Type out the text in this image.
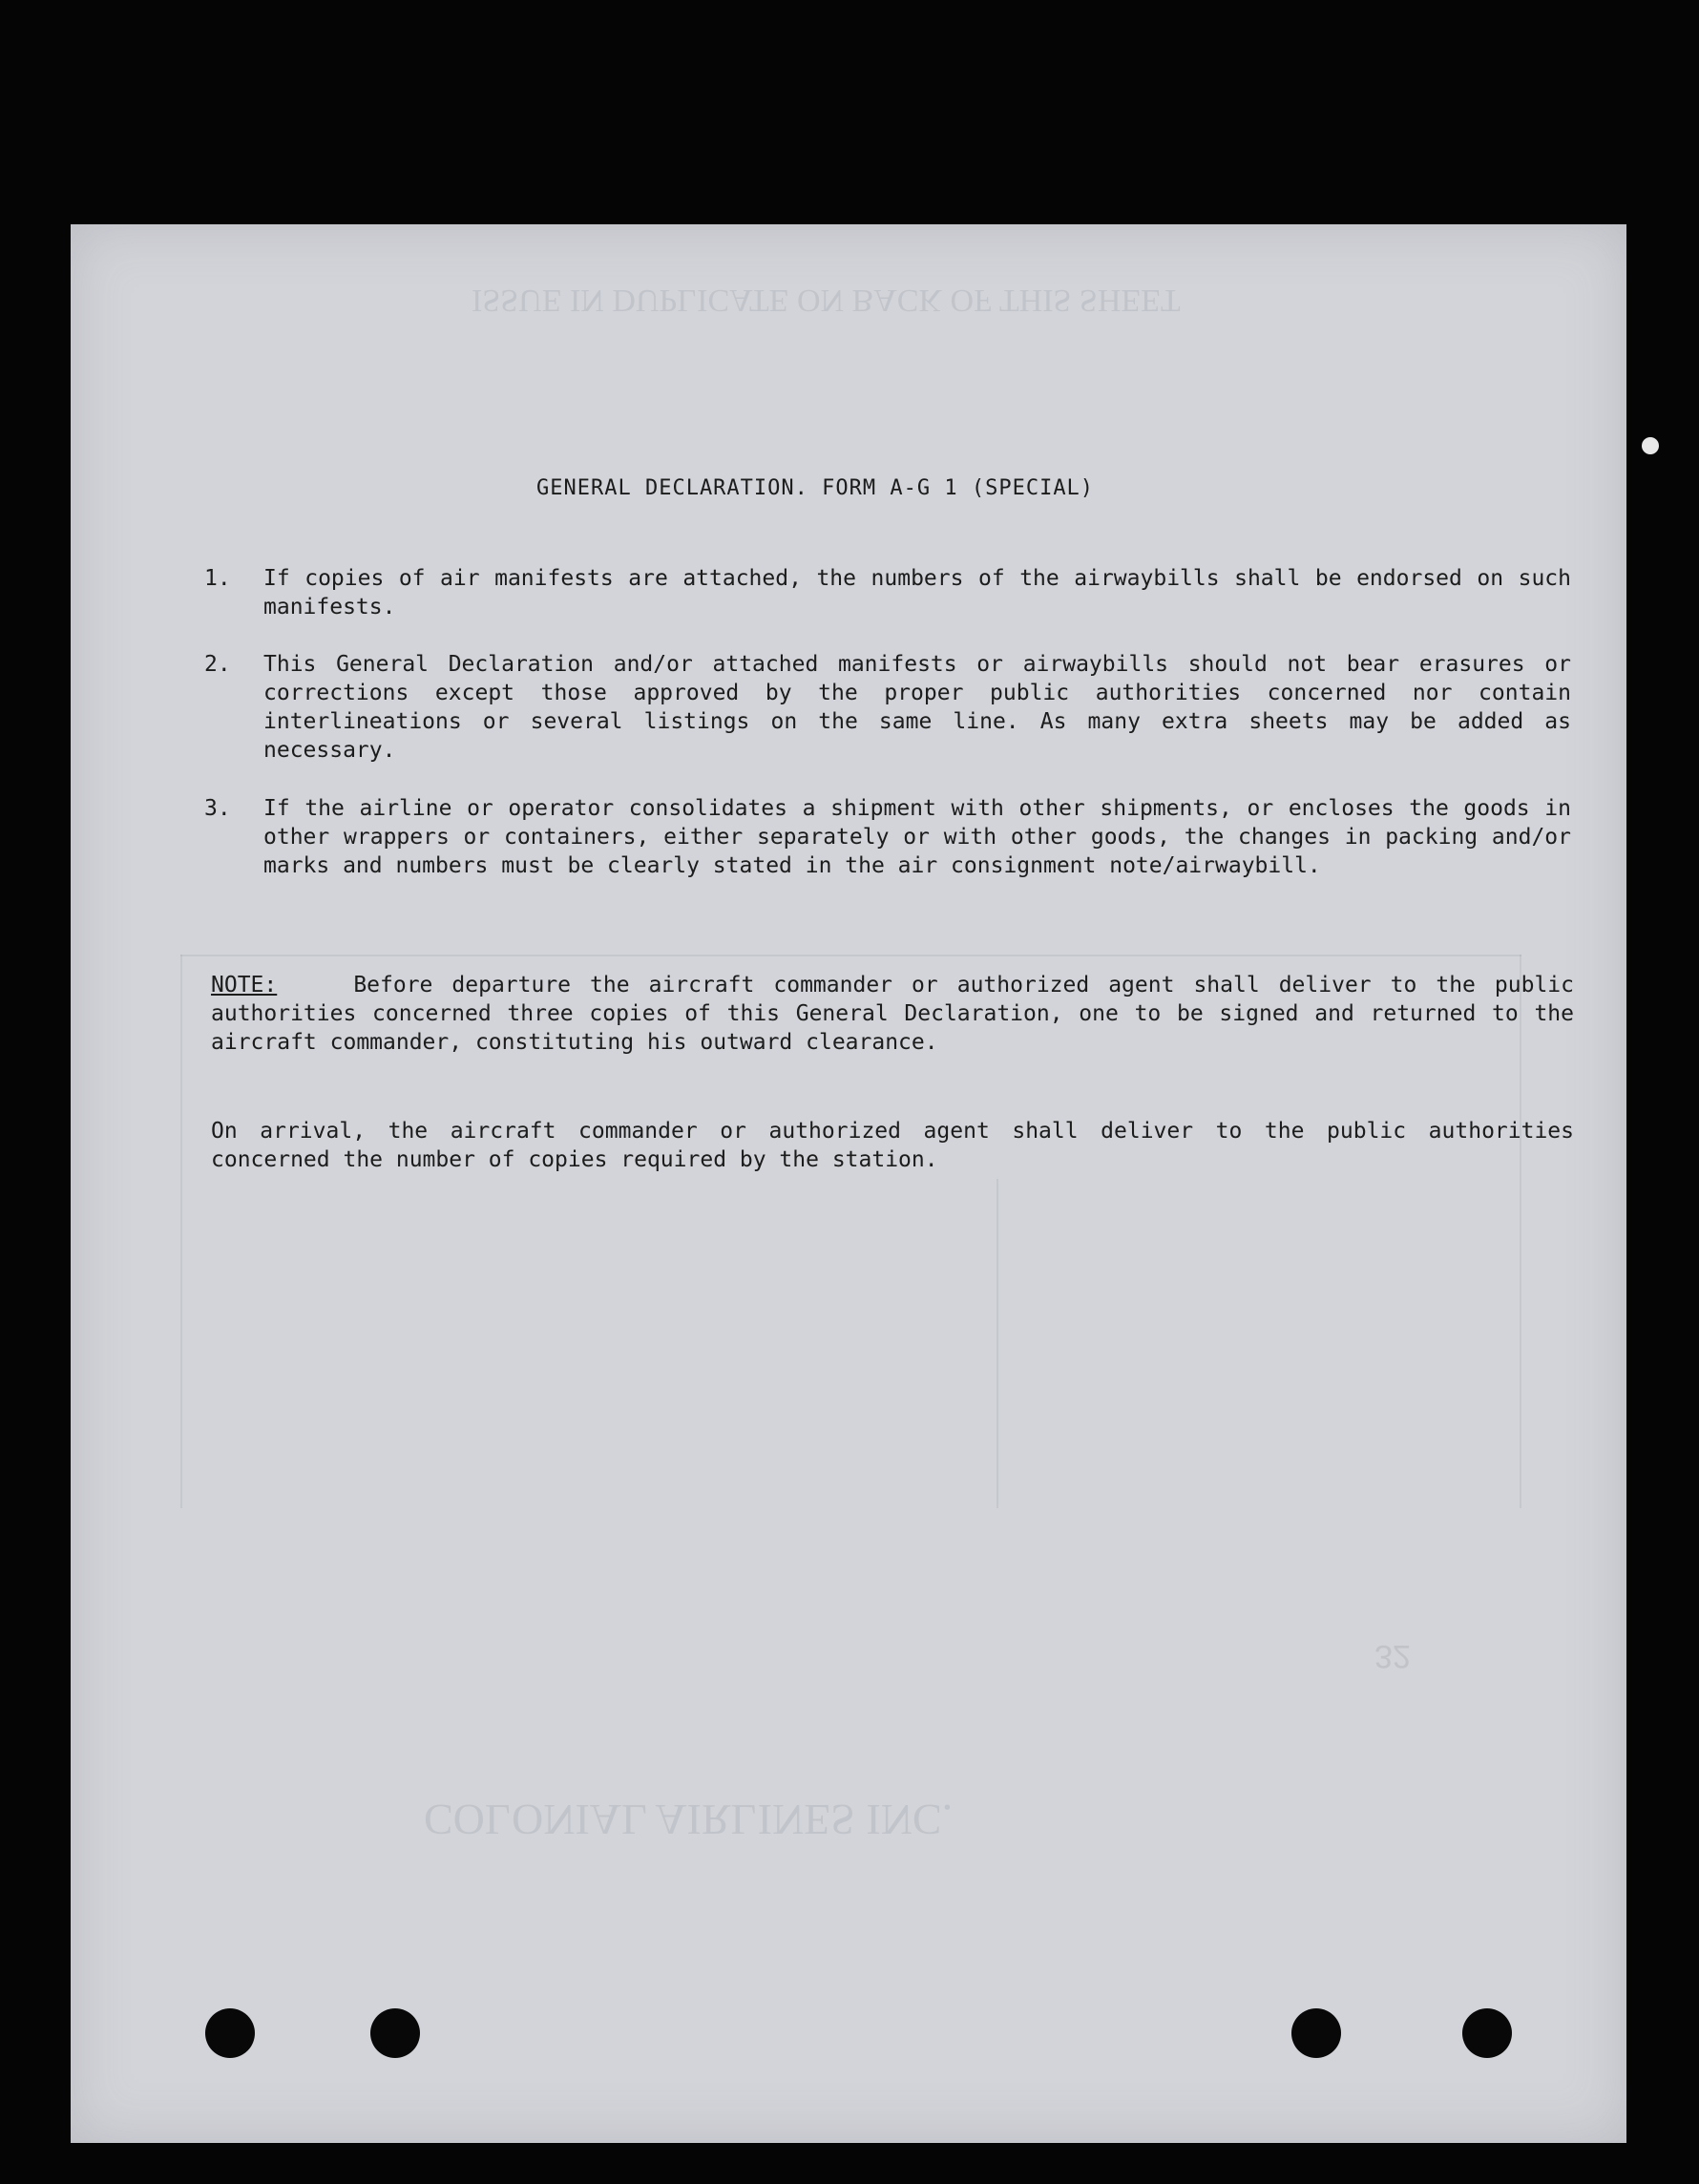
ISSUE IN DUPLICATE ON BACK OF THIS SHEET
COLONIAL AIRLINES INC.
32
GENERAL DECLARATION. FORM A-G 1 (SPECIAL)
1.	If copies of air manifests are attached, the numbers of the airwaybills shall be endorsed on such manifests.
2.	This General Declaration and/or attached manifests or airwaybills should not bear erasures or corrections except those approved by the proper public authorities concerned nor contain interlineations or several listings on the same line. As many extra sheets may be added as necessary.
3.	If the airline or operator consolidates a shipment with other shipments, or encloses the goods in other wrappers or containers, either separately or with other goods, the changes in packing and/or marks and numbers must be clearly stated in the air consignment note/airwaybill.
NOTE:	Before departure the aircraft commander or authorized agent shall deliver to the public authorities concerned three copies of this General Declaration, one to be signed and returned to the aircraft commander, constituting his outward clearance.
On arrival, the aircraft commander or authorized agent shall deliver to the public authorities concerned the number of copies required by the station.
